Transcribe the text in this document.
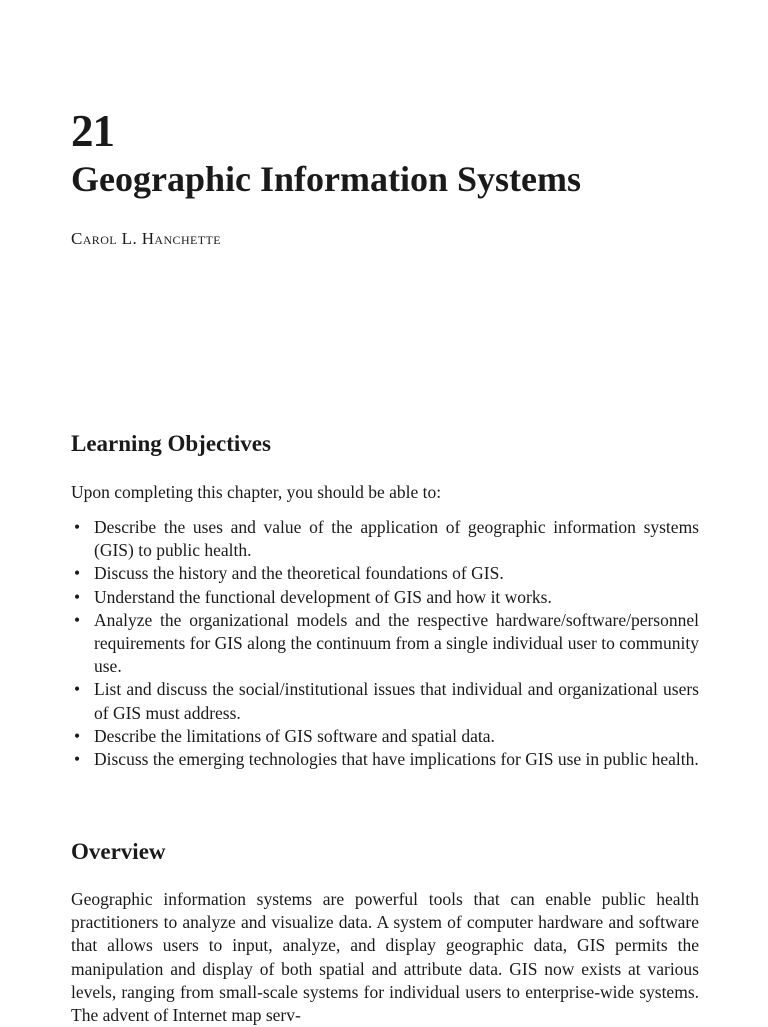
21
Geographic Information Systems
Carol L. Hanchette
Learning Objectives
Upon completing this chapter, you should be able to:
• Describe the uses and value of the application of geographic information systems (GIS) to public health.
• Discuss the history and the theoretical foundations of GIS.
• Understand the functional development of GIS and how it works.
• Analyze the organizational models and the respective hardware/software/personnel requirements for GIS along the continuum from a single individual user to community use.
• List and discuss the social/institutional issues that individual and organizational users of GIS must address.
• Describe the limitations of GIS software and spatial data.
• Discuss the emerging technologies that have implications for GIS use in public health.
Overview

Geographic information systems are powerful tools that can enable public health practitioners to analyze and visualize data. A system of computer hardware and software that allows users to input, analyze, and display geographic data, GIS permits the manipulation and display of both spatial and attribute data. GIS now exists at various levels, ranging from small-scale systems for individual users to enterprise-wide systems. The advent of Internet map serv-
